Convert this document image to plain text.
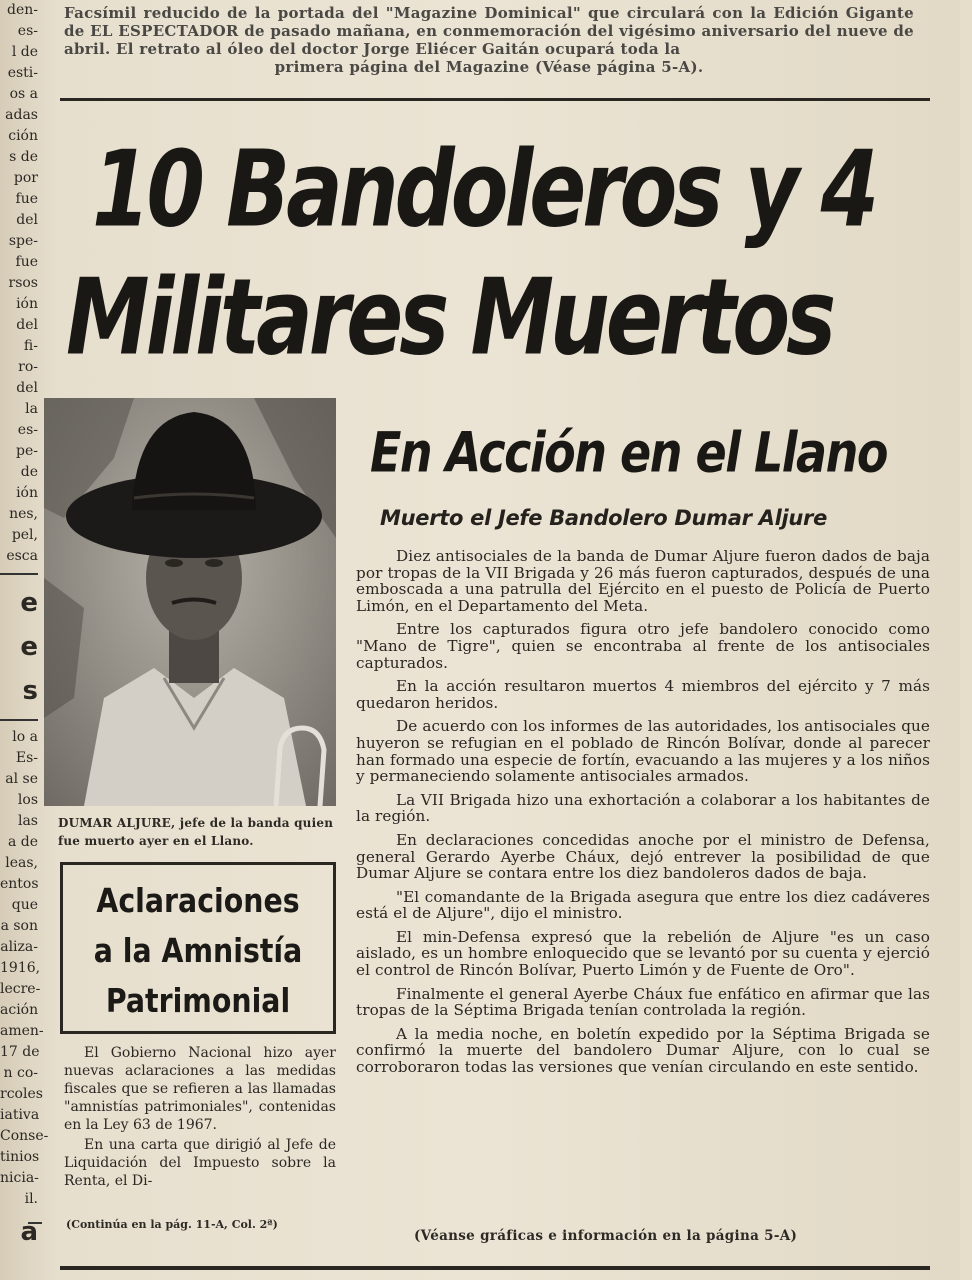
den-
es-
l de
esti-
os a
adas
ción
s de
por
fue
del
spe-
fue
rsos
ión
del
fi-
ro-
del
la
es-
pe-
de
ión
nes,
pel,
esca
e
e
s
lo a
Es-
al se
los
las
a de
leas,
entos
que
a son
aliza-
1916,
lecre-
ación
amen-
17 de
n co-
rcoles
iativa
Conse-
tinios
nicia-
il.
a
Facsímil reducido de la portada del "Magazine Dominical" que circulará con la Edición Gigante de EL ESPECTADOR de pasado mañana, en conmemoración del vigésimo aniversario del nueve de abril. El retrato al óleo del doctor Jorge Eliécer Gaitán ocupará toda la
primera página del Magazine (Véase página 5-A).
10 Bandoleros y 4
Militares Muertos
DUMAR ALJURE, jefe de la banda quien fue muerto ayer en el Llano.
Aclaraciones
a la Amnistía
Patrimonial

El Gobierno Nacional hizo ayer nuevas aclaraciones a las medidas fiscales que se refieren a las llamadas "amnistías patrimoniales", contenidas en la Ley 63 de 1967.

En una carta que dirigió al Jefe de Liquidación del Impuesto sobre la Renta, el Di-

(Continúa en la pág. 11-A, Col. 2ª)
En Acción en el Llano
Muerto el Jefe Bandolero Dumar Aljure

Diez antisociales de la banda de Dumar Aljure fueron dados de baja por tropas de la VII Brigada y 26 más fueron capturados, después de una emboscada a una patrulla del Ejército en el puesto de Policía de Puerto Limón, en el Departamento del Meta.

Entre los capturados figura otro jefe bandolero conocido como "Mano de Tigre", quien se encontraba al frente de los antisociales capturados.

En la acción resultaron muertos 4 miembros del ejército y 7 más quedaron heridos.

De acuerdo con los informes de las autoridades, los antisociales que huyeron se refugian en el poblado de Rincón Bolívar, donde al parecer han formado una especie de fortín, evacuando a las mujeres y a los niños y permaneciendo solamente antisociales armados.

La VII Brigada hizo una exhortación a colaborar a los habitantes de la región.

En declaraciones concedidas anoche por el ministro de Defensa, general Gerardo Ayerbe Cháux, dejó entrever la posibilidad de que Dumar Aljure se contara entre los diez bandoleros dados de baja.

"El comandante de la Brigada asegura que entre los diez cadáveres está el de Aljure", dijo el ministro.

El min-Defensa expresó que la rebelión de Aljure "es un caso aislado, es un hombre enloquecido que se levantó por su cuenta y ejerció el control de Rincón Bolívar, Puerto Limón y de Fuente de Oro".

Finalmente el general Ayerbe Cháux fue enfático en afirmar que las tropas de la Séptima Brigada tenían controlada la región.

A la media noche, en boletín expedido por la Séptima Brigada se confirmó la muerte del bandolero Dumar Aljure, con lo cual se corroboraron todas las versiones que venían circulando en este sentido.

(Véanse gráficas e información en la página 5-A)
